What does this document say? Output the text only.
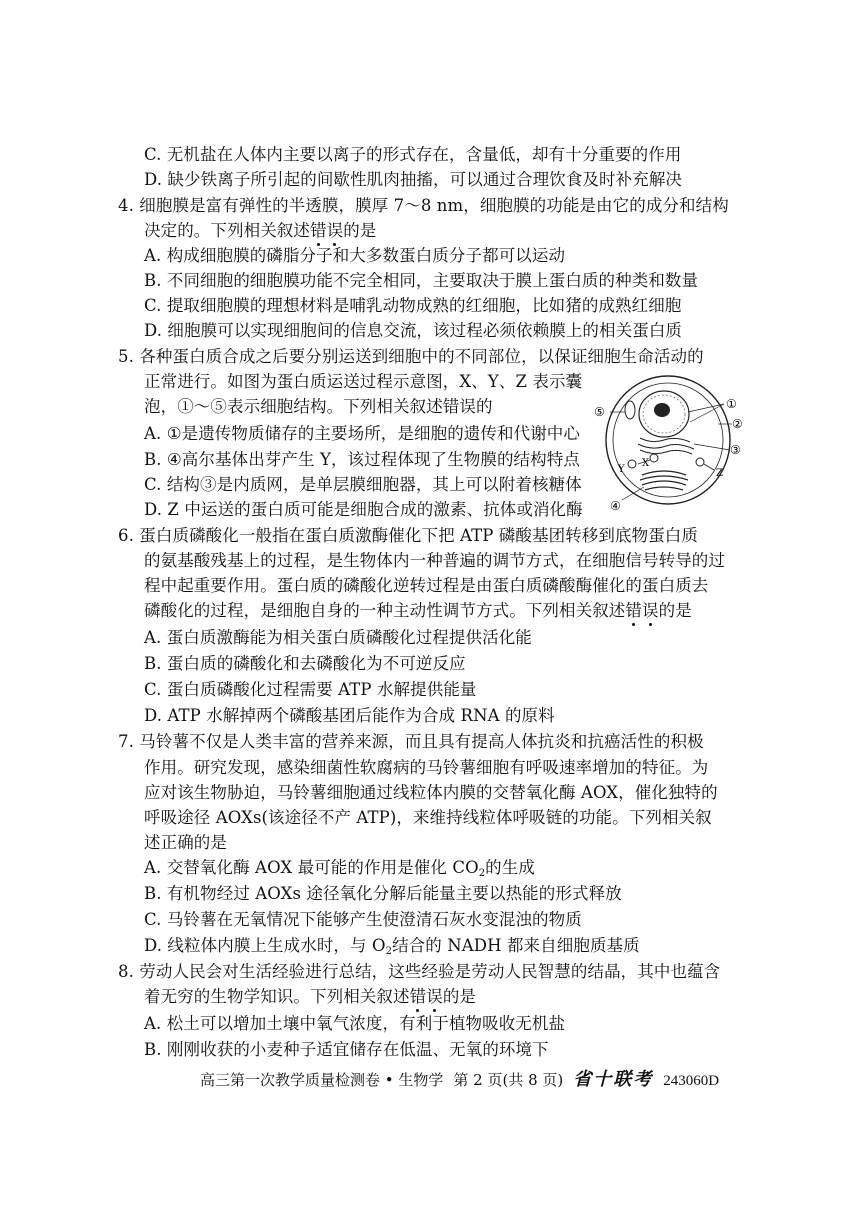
C. 无机盐在人体内主要以离子的形式存在，含量低，却有十分重要的作用
D. 缺少铁离子所引起的间歇性肌肉抽搐，可以通过合理饮食及时补充解决
4. 细胞膜是富有弹性的半透膜，膜厚 7～8 nm，细胞膜的功能是由它的成分和结构
决定的。下列相关叙述错误的是
A. 构成细胞膜的磷脂分子和大多数蛋白质分子都可以运动
B. 不同细胞的细胞膜功能不完全相同，主要取决于膜上蛋白质的种类和数量
C. 提取细胞膜的理想材料是哺乳动物成熟的红细胞，比如猪的成熟红细胞
D. 细胞膜可以实现细胞间的信息交流，该过程必须依赖膜上的相关蛋白质
5. 各种蛋白质合成之后要分别运送到细胞中的不同部位，以保证细胞生命活动的
正常进行。如图为蛋白质运送过程示意图，X、Y、Z 表示囊
泡，①～⑤表示细胞结构。下列相关叙述错误的
A. ①是遗传物质储存的主要场所，是细胞的遗传和代谢中心
B. ④高尔基体出芽产生 Y，该过程体现了生物膜的结构特点
C. 结构③是内质网，是单层膜细胞器，其上可以附着核糖体
D. Z 中运送的蛋白质可能是细胞合成的激素、抗体或消化酶
①
②
③
④
⑤
X
Y	Z
6. 蛋白质磷酸化一般指在蛋白质激酶催化下把 ATP 磷酸基团转移到底物蛋白质
的氨基酸残基上的过程，是生物体内一种普遍的调节方式，在细胞信号转导的过
程中起重要作用。蛋白质的磷酸化逆转过程是由蛋白质磷酸酶催化的蛋白质去
磷酸化的过程，是细胞自身的一种主动性调节方式。下列相关叙述错误的是
A. 蛋白质激酶能为相关蛋白质磷酸化过程提供活化能
B. 蛋白质的磷酸化和去磷酸化为不可逆反应
C. 蛋白质磷酸化过程需要 ATP 水解提供能量
D. ATP 水解掉两个磷酸基团后能作为合成 RNA 的原料
7. 马铃薯不仅是人类丰富的营养来源，而且具有提高人体抗炎和抗癌活性的积极
作用。研究发现，感染细菌性软腐病的马铃薯细胞有呼吸速率增加的特征。为
应对该生物胁迫，马铃薯细胞通过线粒体内膜的交替氧化酶 AOX，催化独特的
呼吸途径 AOXs(该途径不产 ATP)，来维持线粒体呼吸链的功能。下列相关叙
述正确的是
A. 交替氧化酶 AOX 最可能的作用是催化 $CO_2$的生成
B. 有机物经过 AOXs 途径氧化分解后能量主要以热能的形式释放
C. 马铃薯在无氧情况下能够产生使澄清石灰水变混浊的物质
D. 线粒体内膜上生成水时，与 $O_2$结合的 NADH 都来自细胞质基质
8. 劳动人民会对生活经验进行总结，这些经验是劳动人民智慧的结晶，其中也蕴含
着无穷的生物学知识。下列相关叙述错误的是
A. 松土可以增加土壤中氧气浓度，有利于植物吸收无机盐
B. 刚刚收获的小麦种子适宜储存在低温、无氧的环境下
高三第一次教学质量检测卷 • 生物学 第 2 页(共 8 页) 省十联考 243060D
